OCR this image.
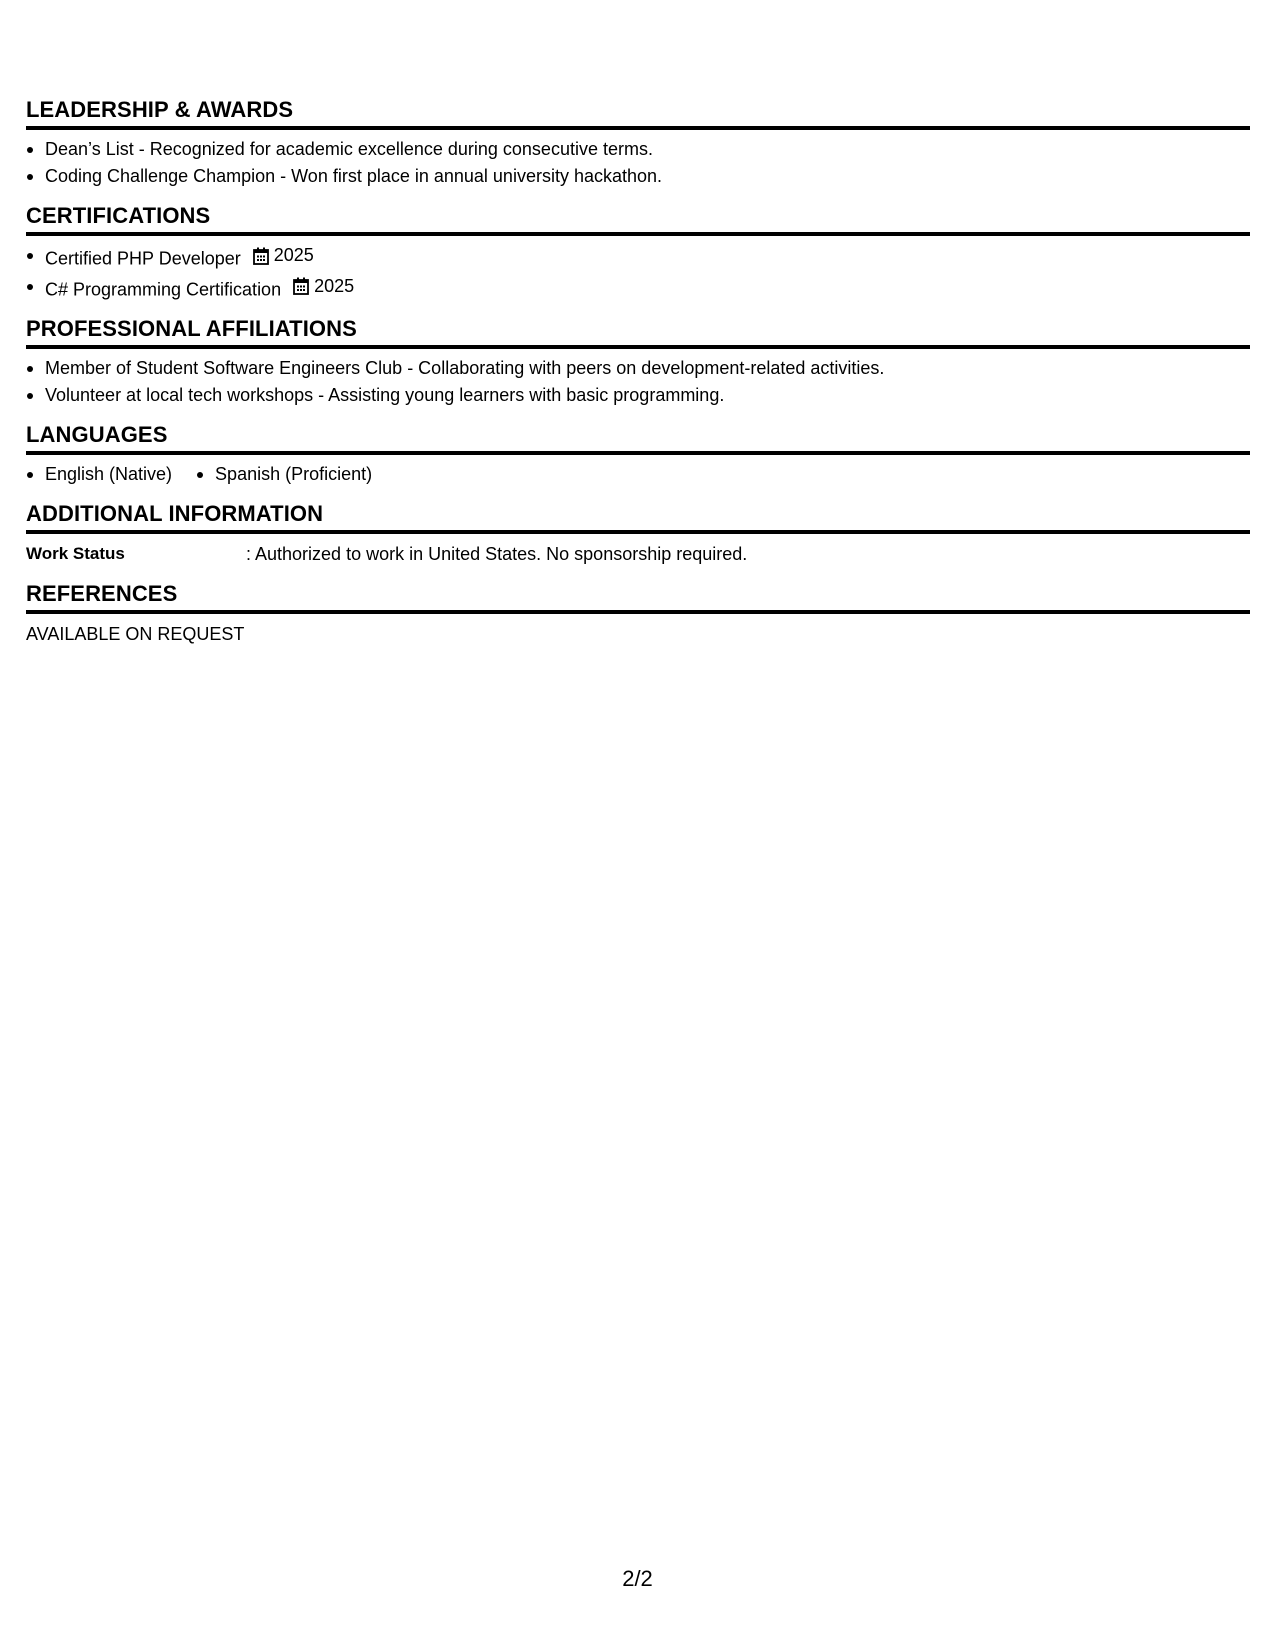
LEADERSHIP & AWARDS
Dean’s List - Recognized for academic excellence during consecutive terms.
Coding Challenge Champion - Won first place in annual university hackathon.
CERTIFICATIONS
Certified PHP Developer 2025
C# Programming Certification 2025
PROFESSIONAL AFFILIATIONS
Member of Student Software Engineers Club - Collaborating with peers on development-related activities.
Volunteer at local tech workshops - Assisting young learners with basic programming.
LANGUAGES
English (Native)	Spanish (Proficient)
ADDITIONAL INFORMATION
Work Status	: Authorized to work in United States. No sponsorship required.
REFERENCES
AVAILABLE ON REQUEST
2/2
